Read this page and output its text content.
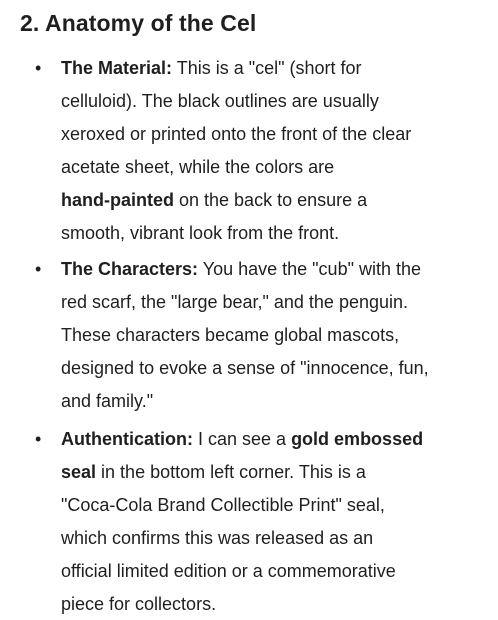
2. Anatomy of the Cel
• The Material: This is a "cel" (short for

celluloid). The black outlines are usually

xeroxed or printed onto the front of the clear

acetate sheet, while the colors are

hand-painted on the back to ensure a

smooth, vibrant look from the front.

• The Characters: You have the "cub" with the

red scarf, the "large bear," and the penguin.

These characters became global mascots,

designed to evoke a sense of "innocence, fun,

and family."

• Authentication: I can see a gold embossed

seal in the bottom left corner. This is a

"Coca-Cola Brand Collectible Print" seal,

which confirms this was released as an

official limited edition or a commemorative

piece for collectors.
